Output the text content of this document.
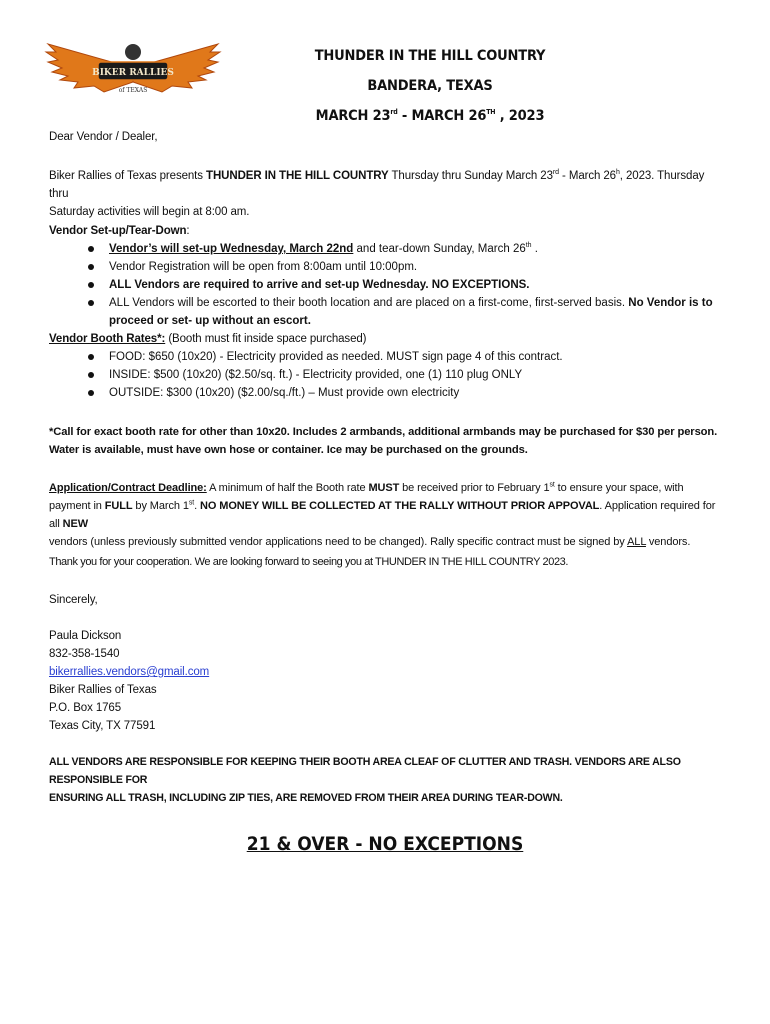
BIKER RALLIES
of TEXAS
THUNDER IN THE HILL COUNTRY
BANDERA, TEXAS
MARCH 23rd - MARCH 26TH , 2023
Dear Vendor / Dealer,
Biker Rallies of Texas presents THUNDER IN THE HILL COUNTRY Thursday thru Sunday March 23rd - March 26$^h$, 2023. Thursday thru
Saturday activities will begin at 8:00 am.
Vendor Set-up/Tear-Down:
Vendor’s will set-up Wednesday, March 22nd and tear-down Sunday, March 26th .
Vendor Registration will be open from 8:00am until 10:00pm.
ALL Vendors are required to arrive and set-up Wednesday. NO EXCEPTIONS.
ALL Vendors will be escorted to their booth location and are placed on a first-come, first-served basis. No Vendor is to
proceed or set- up without an escort.
Vendor Booth Rates*: (Booth must fit inside space purchased)
FOOD: $650 (10x20) - Electricity provided as needed. MUST sign page 4 of this contract.
INSIDE: $500 (10x20) ($2.50/sq. ft.) - Electricity provided, one (1) 110 plug ONLY
OUTSIDE: $300 (10x20) ($2.00/sq./ft.) – Must provide own electricity
*Call for exact booth rate for other than 10x20. Includes 2 armbands, additional armbands may be purchased for $30 per person.
Water is available, must have own hose or container. Ice may be purchased on the grounds.
Application/Contract Deadline: A minimum of half the Booth rate MUST be received prior to February 1st to ensure your space, with
payment in FULL by March 1st. NO MONEY WILL BE COLLECTED AT THE RALLY WITHOUT PRIOR APPOVAL. Application required for all NEW
vendors (unless previously submitted vendor applications need to be changed). Rally specific contract must be signed by ALL vendors.
Thank you for your cooperation. We are looking forward to seeing you at THUNDER IN THE HILL COUNTRY 2023.
Sincerely,
Paula Dickson
832-358-1540
bikerrallies.vendors@gmail.com
Biker Rallies of Texas
P.O. Box 1765
Texas City, TX 77591
ALL VENDORS ARE RESPONSIBLE FOR KEEPING THEIR BOOTH AREA CLEAF OF CLUTTER AND TRASH. VENDORS ARE ALSO RESPONSIBLE FOR
ENSURING ALL TRASH, INCLUDING ZIP TIES, ARE REMOVED FROM THEIR AREA DURING TEAR-DOWN.
21 & OVER - NO EXCEPTIONS
